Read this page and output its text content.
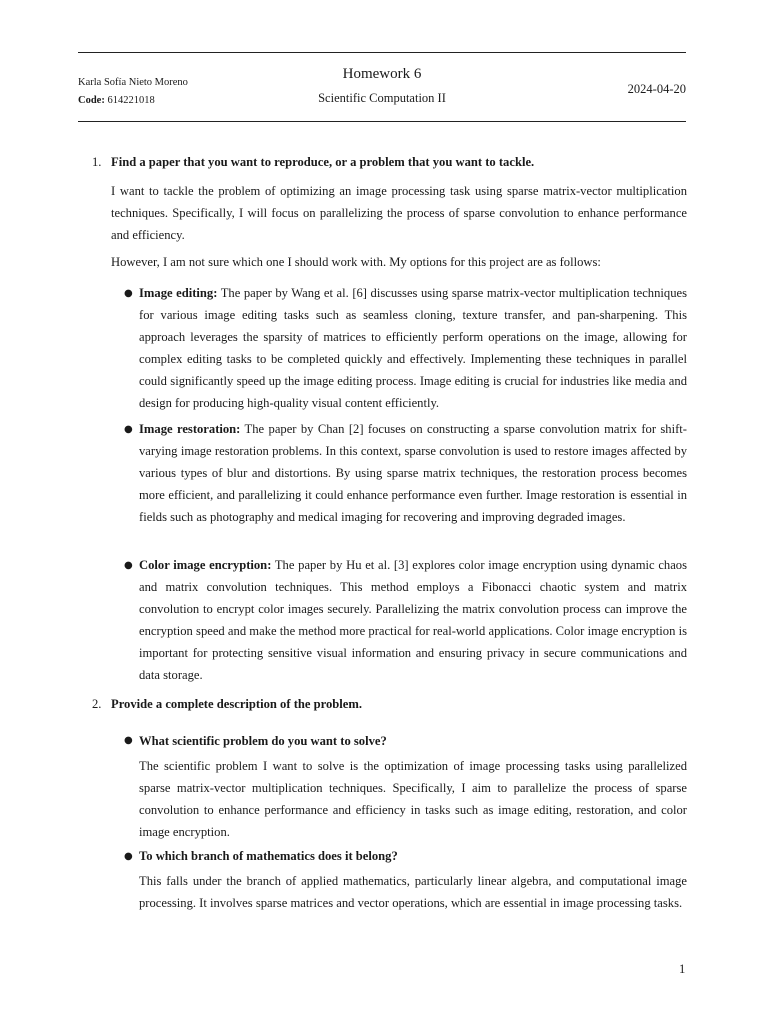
Karla Sofía Nieto Moreno
Code: 614221018
Homework 6
Scientific Computation II
2024-04-20
1. Find a paper that you want to reproduce, or a problem that you want to tackle.
I want to tackle the problem of optimizing an image processing task using sparse matrix-vector multiplication techniques. Specifically, I will focus on parallelizing the process of sparse convolution to enhance performance and efficiency.
However, I am not sure which one I should work with. My options for this project are as follows:
● Image editing: The paper by Wang et al. [6] discusses using sparse matrix-vector multiplication techniques for various image editing tasks such as seamless cloning, texture transfer, and pan-sharpening. This approach leverages the sparsity of matrices to efficiently perform operations on the image, allowing for complex editing tasks to be completed quickly and effectively. Implementing these techniques in parallel could significantly speed up the image editing process. Image editing is crucial for industries like media and design for producing high-quality visual content efficiently.
● Image restoration: The paper by Chan [2] focuses on constructing a sparse convolution matrix for shift-varying image restoration problems. In this context, sparse convolution is used to restore images affected by various types of blur and distortions. By using sparse matrix techniques, the restoration process becomes more efficient, and parallelizing it could enhance performance even further. Image restoration is essential in fields such as photography and medical imaging for recovering and improving degraded images.
● Color image encryption: The paper by Hu et al. [3] explores color image encryption using dynamic chaos and matrix convolution techniques. This method employs a Fibonacci chaotic system and matrix convolution to encrypt color images securely. Parallelizing the matrix convolution process can improve the encryption speed and make the method more practical for real-world applications. Color image encryption is important for protecting sensitive visual information and ensuring privacy in secure communications and data storage.
2. Provide a complete description of the problem.
● What scientific problem do you want to solve?
The scientific problem I want to solve is the optimization of image processing tasks using parallelized sparse matrix-vector multiplication techniques. Specifically, I aim to parallelize the process of sparse convolution to enhance performance and efficiency in tasks such as image editing, restoration, and color image encryption.
● To which branch of mathematics does it belong?
This falls under the branch of applied mathematics, particularly linear algebra, and computational image processing. It involves sparse matrices and vector operations, which are essential in image processing tasks.
1
